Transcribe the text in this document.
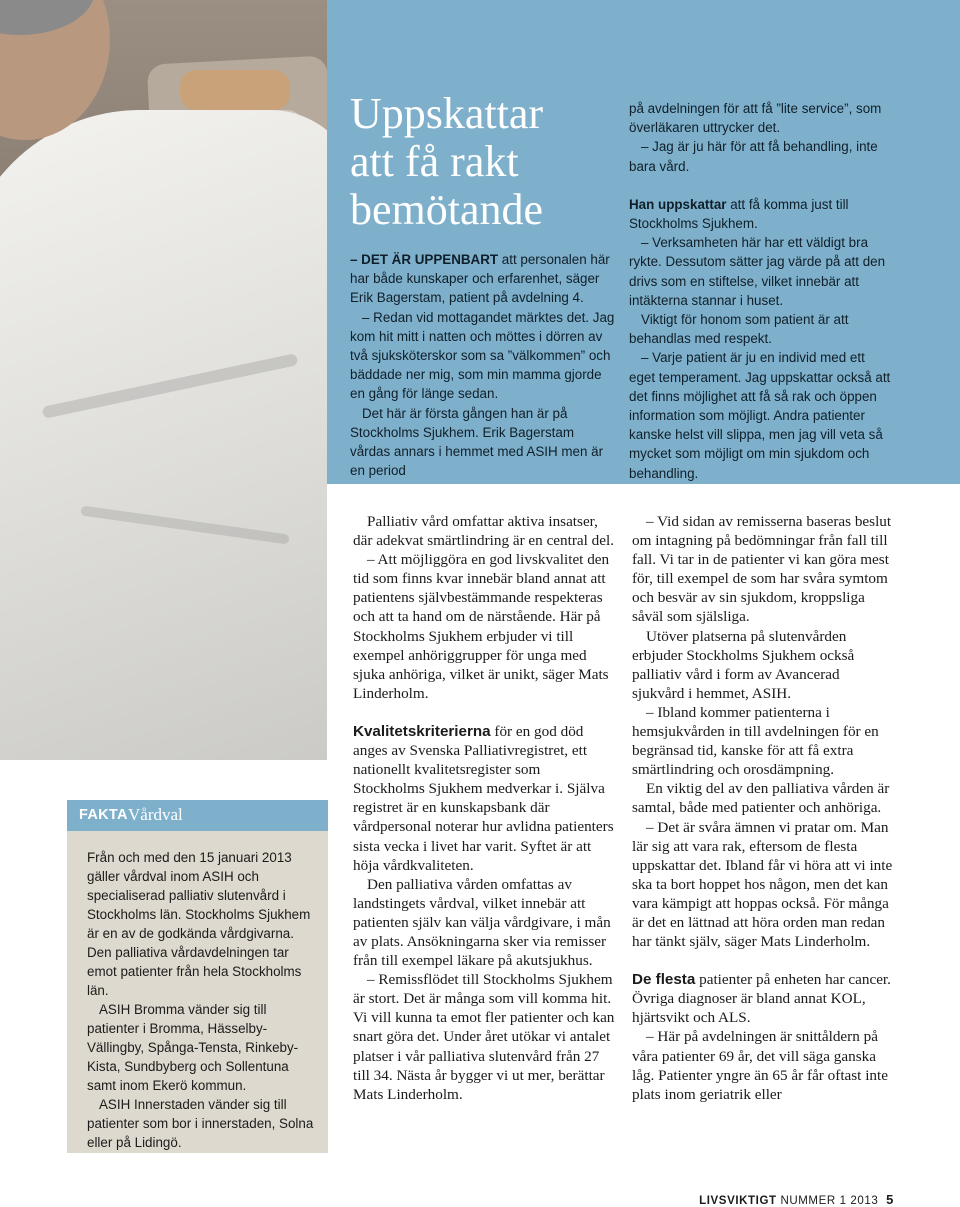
Uppskattar
att få rakt
bemötande

– DET ÄR UPPENBART att personalen här har både kunskaper och erfarenhet, säger Erik Bagerstam, patient på avdelning 4.

– Redan vid mottagandet märktes det. Jag kom hit mitt i natten och möttes i dörren av två sjuksköterskor som sa ”välkommen” och bäddade ner mig, som min mamma gjorde en gång för länge sedan.

Det här är första gången han är på Stockholms Sjukhem. Erik Bagerstam vårdas annars i hemmet med ASIH men är en period

på avdelningen för att få ”lite service”, som överläkaren uttrycker det.

– Jag är ju här för att få behandling, inte bara vård.

Han uppskattar att få komma just till Stockholms Sjukhem.

– Verksamheten här har ett väldigt bra rykte. Dessutom sätter jag värde på att den drivs som en stiftelse, vilket innebär att intäkterna stannar i huset.

Viktigt för honom som patient är att behandlas med respekt.

– Varje patient är ju en individ med ett eget temperament. Jag uppskattar också att det finns möjlighet att få så rak och öppen information som möjligt. Andra patienter kanske helst vill slippa, men jag vill veta så mycket som möjligt om min sjukdom och behandling.

Palliativ vård omfattar aktiva insatser, där adekvat smärtlindring är en central del.

– Att möjliggöra en god livskvalitet den tid som finns kvar innebär bland annat att patientens självbestämmande respekteras och att ta hand om de närstående. Här på Stockholms Sjukhem erbjuder vi till exempel anhöriggrupper för unga med sjuka anhöriga, vilket är unikt, säger Mats Linderholm.

Kvalitetskriterierna för en god död anges av Svenska Palliativregistret, ett nationellt kvalitetsregister som Stockholms Sjukhem medverkar i. Själva registret är en kunskapsbank där vårdpersonal noterar hur avlidna patienters sista vecka i livet har varit. Syftet är att höja vårdkvaliteten.

Den palliativa vården omfattas av landstingets vårdval, vilket innebär att patienten själv kan välja vårdgivare, i mån av plats. Ansökningarna sker via remisser från till exempel läkare på akutsjukhus.

– Remissflödet till Stockholms Sjukhem är stort. Det är många som vill komma hit. Vi vill kunna ta emot fler patienter och kan snart göra det. Under året utökar vi antalet platser i vår palliativa slutenvård från 27 till 34. Nästa år bygger vi ut mer, berättar Mats Linderholm.

– Vid sidan av remisserna baseras beslut om intagning på bedömningar från fall till fall. Vi tar in de patienter vi kan göra mest för, till exempel de som har svåra symtom och besvär av sin sjukdom, kroppsliga såväl som själsliga.

Utöver platserna på slutenvården erbjuder Stockholms Sjukhem också palliativ vård i form av Avancerad sjukvård i hemmet, ASIH.

– Ibland kommer patienterna i hemsjukvården in till avdelningen för en begränsad tid, kanske för att få extra smärtlindring och orosdämpning.

En viktig del av den palliativa vården är samtal, både med patienter och anhöriga.

– Det är svåra ämnen vi pratar om. Man lär sig att vara rak, eftersom de flesta uppskattar det. Ibland får vi höra att vi inte ska ta bort hoppet hos någon, men det kan vara kämpigt att hoppas också. För många är det en lättnad att höra orden man redan har tänkt själv, säger Mats Linderholm.

De flesta patienter på enheten har cancer. Övriga diagnoser är bland annat KOL, hjärtsvikt och ALS.

– Här på avdelningen är snittåldern på våra patienter 69 år, det vill säga ganska låg. Patienter yngre än 65 år får oftast inte plats inom geriatrik eller

FAKTA Vårdval

Från och med den 15 januari 2013 gäller vårdval inom ASIH och specialiserad palliativ slutenvård i Stockholms län. Stockholms Sjukhem är en av de godkända vårdgivarna. Den palliativa vårdavdelningen tar emot patienter från hela Stockholms län.

ASIH Bromma vänder sig till patienter i Bromma, Hässelby-Vällingby, Spånga-Tensta, Rinkeby-Kista, Sundbyberg och Sollentuna samt inom Ekerö kommun.

ASIH Innerstaden vänder sig till patienter som bor i innerstaden, Solna eller på Lidingö.

LIVSVIKTIGT NUMMER 1 2013 5
